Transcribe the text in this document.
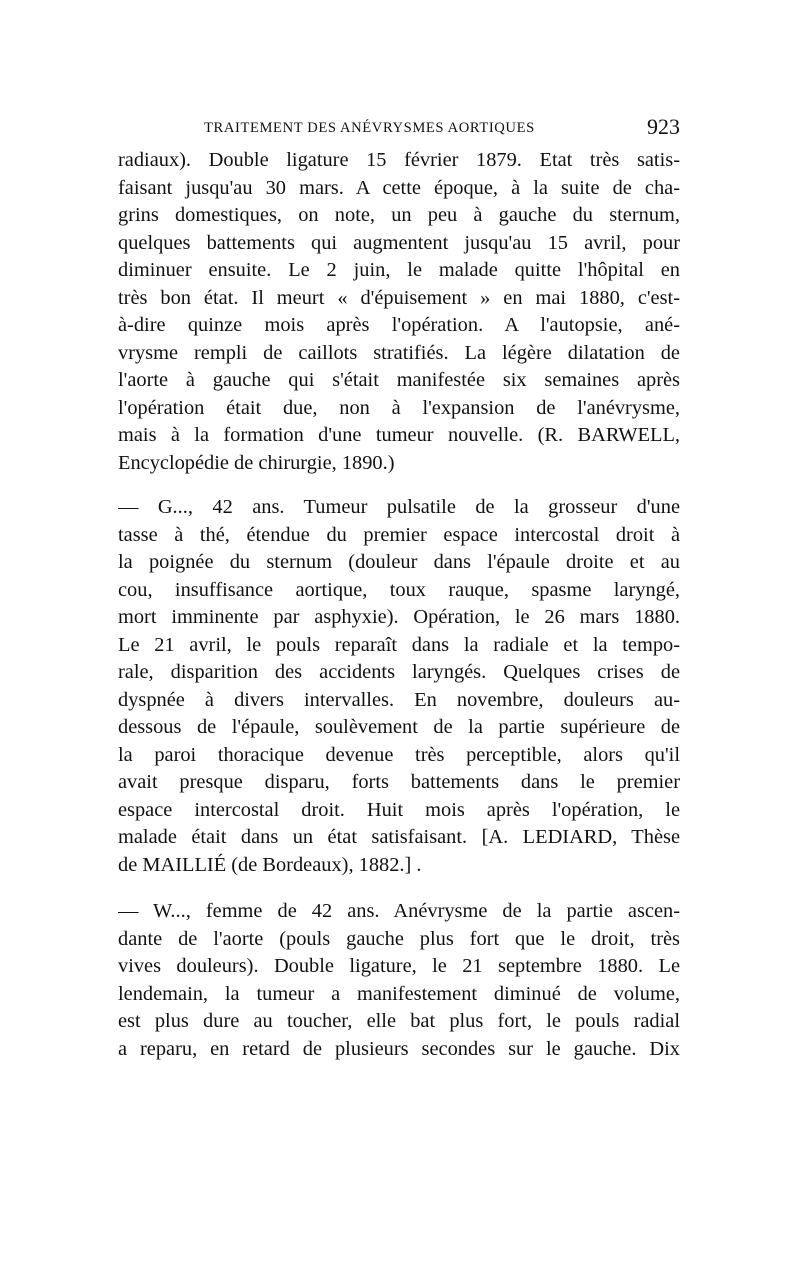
TRAITEMENT DES ANÉVRYSMES AORTIQUES	923
radiaux). Double ligature 15 février 1879. Etat très satis-
faisant jusqu'au 30 mars. A cette époque, à la suite de cha-
grins domestiques, on note, un peu à gauche du sternum,
quelques battements qui augmentent jusqu'au 15 avril, pour
diminuer ensuite. Le 2 juin, le malade quitte l'hôpital en
très bon état. Il meurt « d'épuisement » en mai 1880, c'est-
à-dire quinze mois après l'opération. A l'autopsie, ané-
vrysme rempli de caillots stratifiés. La légère dilatation de
l'aorte à gauche qui s'était manifestée six semaines après
l'opération était due, non à l'expansion de l'anévrysme,
mais à la formation d'une tumeur nouvelle. (R. BARWELL,
Encyclopédie de chirurgie, 1890.)
— G..., 42 ans. Tumeur pulsatile de la grosseur d'une
tasse à thé, étendue du premier espace intercostal droit à
la poignée du sternum (douleur dans l'épaule droite et au
cou, insuffisance aortique, toux rauque, spasme laryngé,
mort imminente par asphyxie). Opération, le 26 mars 1880.
Le 21 avril, le pouls reparaît dans la radiale et la tempo-
rale, disparition des accidents laryngés. Quelques crises de
dyspnée à divers intervalles. En novembre, douleurs au-
dessous de l'épaule, soulèvement de la partie supérieure de
la paroi thoracique devenue très perceptible, alors qu'il
avait presque disparu, forts battements dans le premier
espace intercostal droit. Huit mois après l'opération, le
malade était dans un état satisfaisant. [A. LEDIARD, Thèse
de MAILLIÉ (de Bordeaux), 1882.] .
— W..., femme de 42 ans. Anévrysme de la partie ascen-
dante de l'aorte (pouls gauche plus fort que le droit, très
vives douleurs). Double ligature, le 21 septembre 1880. Le
lendemain, la tumeur a manifestement diminué de volume,
est plus dure au toucher, elle bat plus fort, le pouls radial
a reparu, en retard de plusieurs secondes sur le gauche. Dix
